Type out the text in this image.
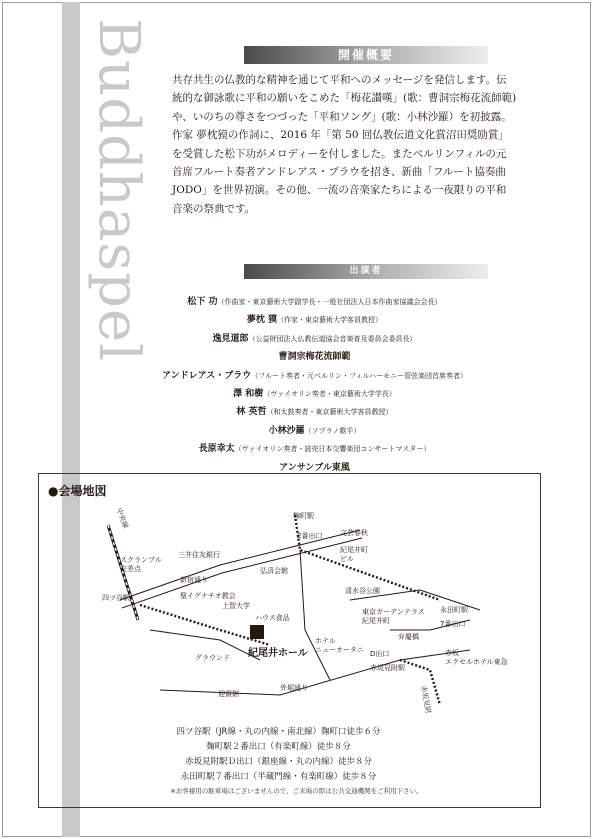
Buddhaspel	開催概要

共存共生の仏教的な精神を通じて平和へのメッセージを発信します。伝

統的な御詠歌に平和の願いをこめた「梅花讃嘆」(歌：曹洞宗梅花流師範)

や、いのちの尊さをつづった「平和ソング」(歌：小林沙羅）を初披露。

作家 夢枕獏の作詞に、2016 年「第 50 回仏教伝道文化賞沼田奨励賞」

を受賞した松下功がメロディーを付しました。またベルリンフィルの元

首席フルート奏者アンドレアス・ブラウを招き、新曲「フルート協奏曲

JODO」を世界初演。その他、一流の音楽家たちによる一夜限りの平和

音楽の祭典です。

出演者
松下 功（作曲家・東京藝術大学副学長・一般社団法人日本作曲家協議会会長）
夢枕 獏（作家・東京藝術大学客員教授）
逸見道郎（公益財団法人仏教伝道協会音楽普及委員会委員長）
曹洞宗梅花流師範
アンドレアス・ブラウ（フルート奏者・元ベルリン・フィルハーモニー管弦楽団首席奏者）
澤 和樹（ヴァイオリン奏者・東京藝術大学学長）
林 英哲（和太鼓奏者・東京藝術大学客員教授）
小林沙羅（ソプラノ歌手）
長原幸太（ヴァイオリン奏者・読売日本交響楽団コンサートマスター）
アンサンブル東風
●会場地図
中央線	麹町駅
2番出口	文芸春秋
紀尾井町
ビル
三井住友銀行
スクランブル
交差点
新宿通り
弘済会館
清水谷公園
永田町駅
7番出口
四ツ谷駅	聖イグナチオ教会
上智大学
東京ガーデンテラス
紀尾井町
弁慶橋
ハウス食品
紀尾井ホール
ホテル
ニューオータニ D出口
赤坂見附駅
赤坂
エクセルホテル東急
グラウンド
迎賓館
外堀通り	赤坂見附
四ツ谷駅（JR線・丸の内線・南北線）麹町口徒歩６分
麹町駅２番出口（有楽町線）徒歩８分
赤坂見附駅Ｄ出口（銀座線・丸の内線）徒歩８分
永田町駅７番出口（半蔵門線・有楽町線）徒歩８分
※お客様用の駐車場はございませんので、ご来場の際は公共交通機関をご利用下さい。
